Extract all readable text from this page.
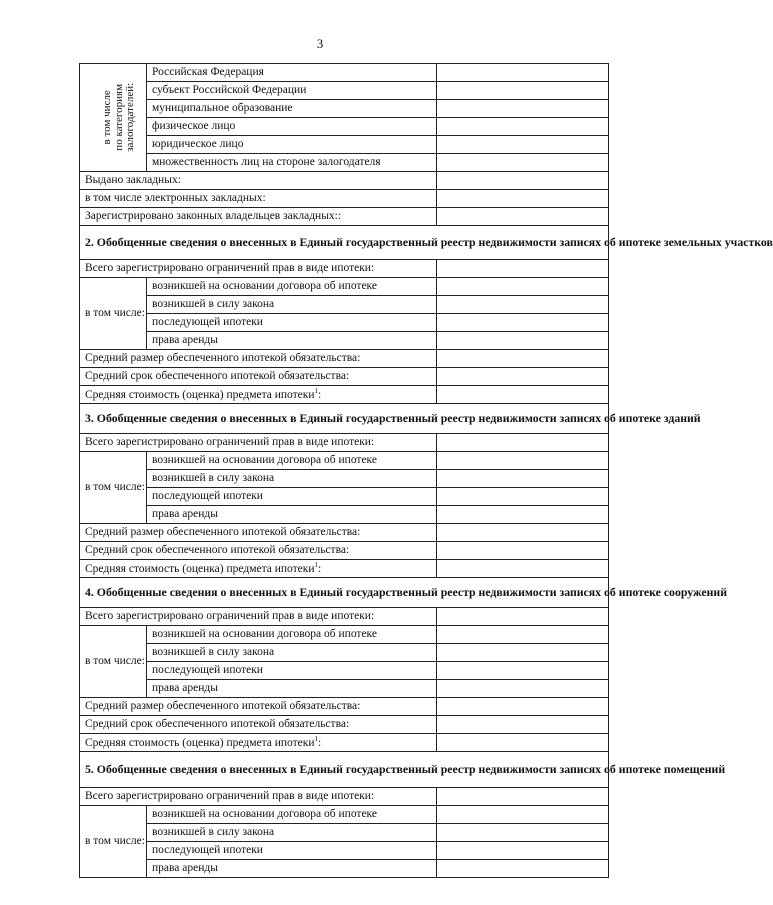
3
в том числе
по категориям
залогодателей:	Российская Федерация	
	субъект Российской Федерации	
	муниципальное образование	
	физическое лицо	
	юридическое лицо	
	множественность лиц на стороне залогодателя	
Выдано закладных:		
в том числе электронных закладных:		
Зарегистрировано законных владельцев закладных::		
2. Обобщенные сведения о внесенных в Единый государственный реестр недвижимости записях об ипотеке земельных участков		
Всего зарегистрировано ограничений прав в виде ипотеки:		
в том числе:	возникшей на основании договора об ипотеке	
	возникшей в силу закона	
	последующей ипотеки	
	права аренды	
Средний размер обеспеченного ипотекой обязательства:		
Средний срок обеспеченного ипотекой обязательства:		
Средняя стоимость (оценка) предмета ипотеки$^1$:		
3. Обобщенные сведения о внесенных в Единый государственный реестр недвижимости записях об ипотеке зданий		
Всего зарегистрировано ограничений прав в виде ипотеки:		
в том числе:	возникшей на основании договора об ипотеке	
	возникшей в силу закона	
	последующей ипотеки	
	права аренды	
Средний размер обеспеченного ипотекой обязательства:		
Средний срок обеспеченного ипотекой обязательства:		
Средняя стоимость (оценка) предмета ипотеки$^1$:		
4. Обобщенные сведения о внесенных в Единый государственный реестр недвижимости записях об ипотеке сооружений		
Всего зарегистрировано ограничений прав в виде ипотеки:		
в том числе:	возникшей на основании договора об ипотеке	
	возникшей в силу закона	
	последующей ипотеки	
	права аренды	
Средний размер обеспеченного ипотекой обязательства:		
Средний срок обеспеченного ипотекой обязательства:		
Средняя стоимость (оценка) предмета ипотеки$^1$:		
5. Обобщенные сведения о внесенных в Единый государственный реестр недвижимости записях об ипотеке помещений		
Всего зарегистрировано ограничений прав в виде ипотеки:		
в том числе:	возникшей на основании договора об ипотеке	
	возникшей в силу закона	
	последующей ипотеки	
	права аренды	
